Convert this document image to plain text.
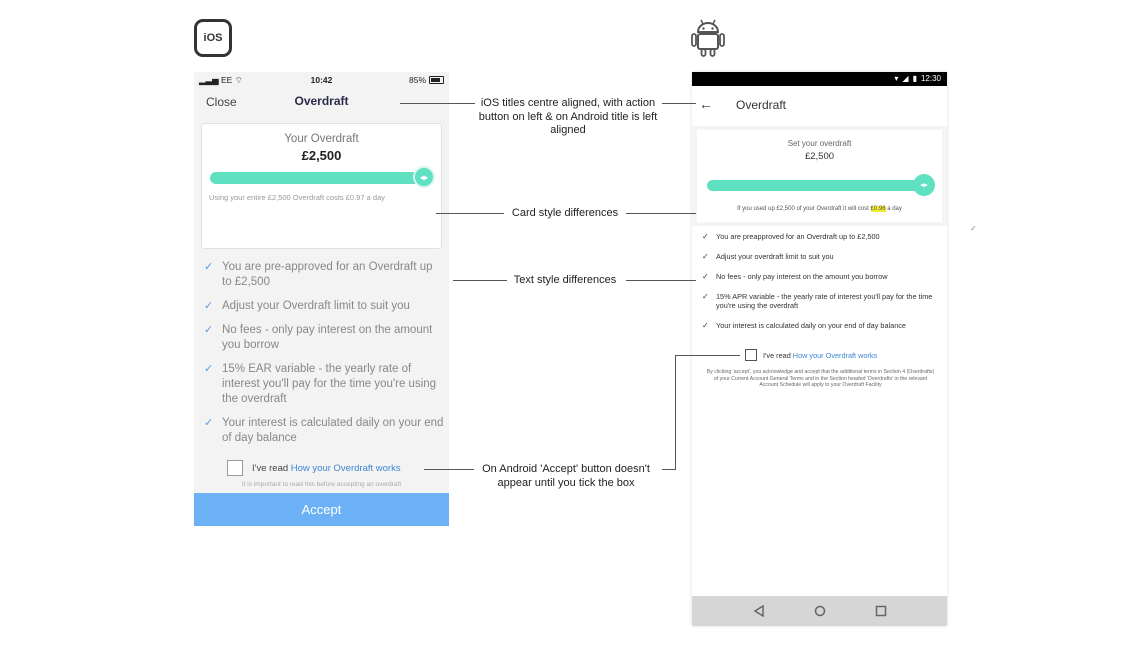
iOS
▂▃▅ EE ⌔	10:42	85%
Close	Overdraft
Your Overdraft
£2,500
◂▸
Using your entire £2,500 Overdraft costs £0.97 a day
✓ You are pre-approved for an Overdraft up to £2,500
✓ Adjust your Overdraft limit to suit you
✓ No fees - only pay interest on the amount you borrow
✓ 15% EAR variable - the yearly rate of interest you'll pay for the time you're using the overdraft
✓ Your interest is calculated daily on your end of day balance
I've read How your Overdraft works
It is important to read this before accepting an overdraft
Accept
▾ ◢ ▮ 12:30
← Overdraft
Set your overdraft
£2,500
◂▸
If you used up £2,500 of your Overdraft it will cost £0.96 a day
✓ You are preapproved for an Overdraft up to £2,500
✓ Adjust your overdraft limit to suit you
✓ No fees - only pay interest on the amount you borrow
✓ 15% APR variable - the yearly rate of interest you'll pay for the time you're using the overdraft
✓ Your interest is calculated daily on your end of day balance
I've read How your Overdraft works
By clicking 'accept', you acknowledge and accept that the additional terms in Section 4 (Overdrafts) of your Current Account General Terms and in the Section headed 'Overdrafts' in the relevant Account Schedule will apply to your Overdraft Facility
iOS titles centre aligned, with action button on left & on Android title is left aligned
Card style differences
Text style differences
On Android 'Accept' button doesn't appear until you tick the box
✓
